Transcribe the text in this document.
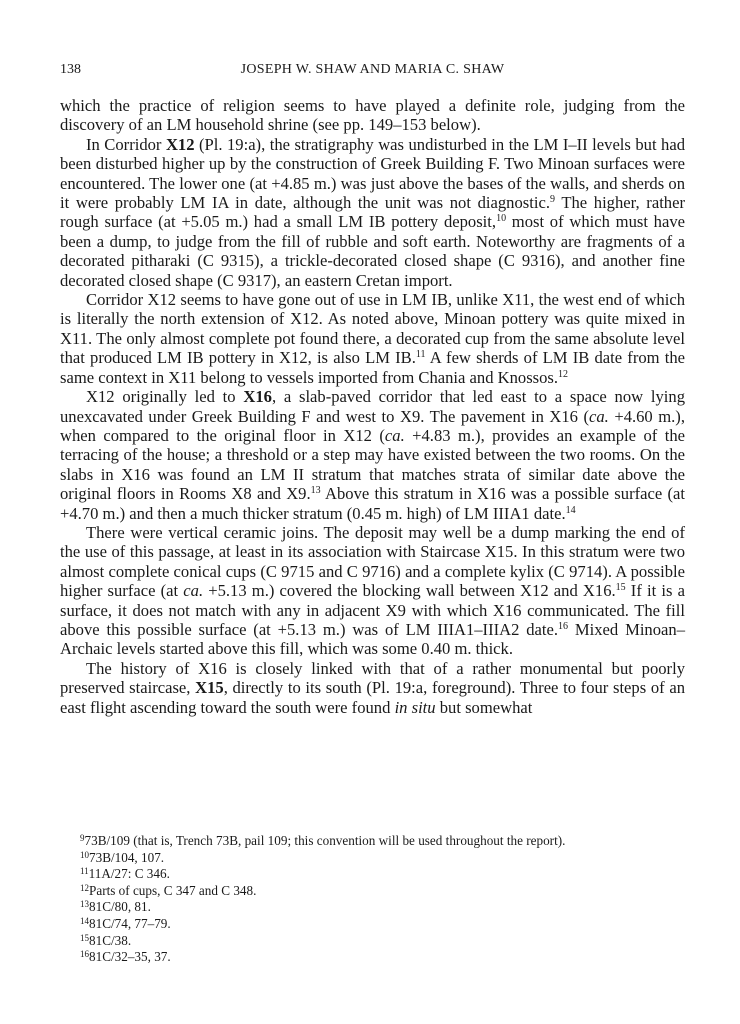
138	JOSEPH W. SHAW AND MARIA C. SHAW

which the practice of religion seems to have played a definite role, judging from the discovery of an LM household shrine (see pp. 149–153 below).

In Corridor X12 (Pl. 19:a), the stratigraphy was undisturbed in the LM I–II levels but had been disturbed higher up by the construction of Greek Building F. Two Minoan surfaces were encountered. The lower one (at +4.85 m.) was just above the bases of the walls, and sherds on it were probably LM IA in date, although the unit was not diagnostic.$^9$ The higher, rather rough surface (at +5.05 m.) had a small LM IB pottery deposit,$^{10}$ most of which must have been a dump, to judge from the fill of rubble and soft earth. Noteworthy are fragments of a decorated pitharaki (C 9315), a trickle-decorated closed shape (C 9316), and another fine decorated closed shape (C 9317), an eastern Cretan import.

Corridor X12 seems to have gone out of use in LM IB, unlike X11, the west end of which is literally the north extension of X12. As noted above, Minoan pottery was quite mixed in X11. The only almost complete pot found there, a decorated cup from the same absolute level that produced LM IB pottery in X12, is also LM IB.$^{11}$ A few sherds of LM IB date from the same context in X11 belong to vessels imported from Chania and Knossos.$^{12}$

X12 originally led to X16, a slab-paved corridor that led east to a space now lying unexcavated under Greek Building F and west to X9. The pavement in X16 (ca. +4.60 m.), when compared to the original floor in X12 (ca. +4.83 m.), provides an example of the terracing of the house; a threshold or a step may have existed between the two rooms. On the slabs in X16 was found an LM II stratum that matches strata of similar date above the original floors in Rooms X8 and X9.13 Above this stratum in X16 was a possible surface (at +4.70 m.) and then a much thicker stratum (0.45 m. high) of LM IIIA1 date.$^{14}$

There were vertical ceramic joins. The deposit may well be a dump marking the end of the use of this passage, at least in its association with Staircase X15. In this stratum were two almost complete conical cups (C 9715 and C 9716) and a complete kylix (C 9714). A possible higher surface (at ca. +5.13 m.) covered the blocking wall between X12 and X16.15 If it is a surface, it does not match with any in adjacent X9 with which X16 communicated. The fill above this possible surface (at +5.13 m.) was of LM IIIA1–IIIA2 date.$^{16}$ Mixed Minoan–Archaic levels started above this fill, which was some 0.40 m. thick.

The history of X16 is closely linked with that of a rather monumental but poorly preserved staircase, X15, directly to its south (Pl. 19:a, foreground). Three to four steps of an east flight ascending toward the south were found in situ but somewhat

$^9$73B/109 (that is, Trench 73B, pail 109; this convention will be used throughout the report).
$^{10}$73B/104, 107.
$^{11}$11A/27: C 346.
$^{12}$Parts of cups, C 347 and C 348.
$^{13}$81C/80, 81.
$^{14}$81C/74, 77–79.
$^{15}$81C/38.
$^{16}$81C/32–35, 37.
